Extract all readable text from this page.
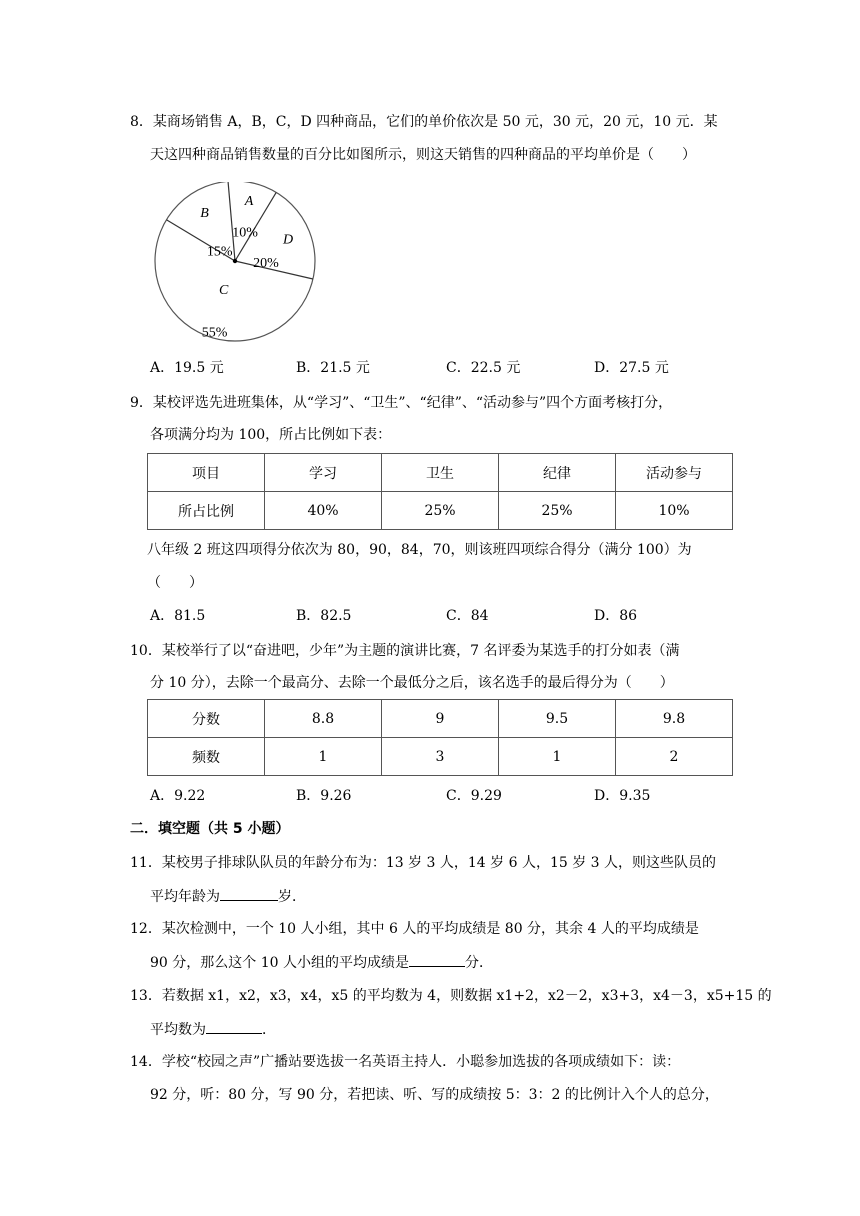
8．某商场销售 A，B，C，D 四种商品，它们的单价依次是 50 元，30 元，20 元，10 元．某
天这四种商品销售数量的百分比如图所示，则这天销售的四种商品的平均单价是（　　）
A
10% D
20%
C
55%
B
15%
A．19.5 元	B．21.5 元	C．22.5 元	D．27.5 元
9．某校评选先进班集体，从“学习”、“卫生”、“纪律”、“活动参与”四个方面考核打分，
各项满分均为 100，所占比例如下表：
项目	学习	卫生	纪律	活动参与
所占比例	40%	25%	25%	10%
八年级 2 班这四项得分依次为 80，90，84，70，则该班四项综合得分（满分 100）为
（　　）
A．81.5	B．82.5	C．84	D．86
10．某校举行了以“奋进吧，少年”为主题的演讲比赛，7 名评委为某选手的打分如表（满
分 10 分），去除一个最高分、去除一个最低分之后，该名选手的最后得分为（　　）
分数	8.8	9	9.5	9.8
频数	1	3	1	2
A．9.22	B．9.26	C．9.29	D．9.35
二．填空题（共 5 小题）
11．某校男子排球队队员的年龄分布为：13 岁 3 人，14 岁 6 人，15 岁 3 人，则这些队员的
平均年龄为	岁．
12．某次检测中，一个 10 人小组，其中 6 人的平均成绩是 80 分，其余 4 人的平均成绩是
90 分，那么这个 10 人小组的平均成绩是	分．
13．若数据 x1，x2，x3，x4，x5 的平均数为 4，则数据 x1+2，x2－2，x3+3，x4－3，x5+15 的
平均数为	．
14．学校“校园之声”广播站要选拔一名英语主持人．小聪参加选拔的各项成绩如下：读：
92 分，听：80 分，写 90 分，若把读、听、写的成绩按 5：3：2 的比例计入个人的总分，
